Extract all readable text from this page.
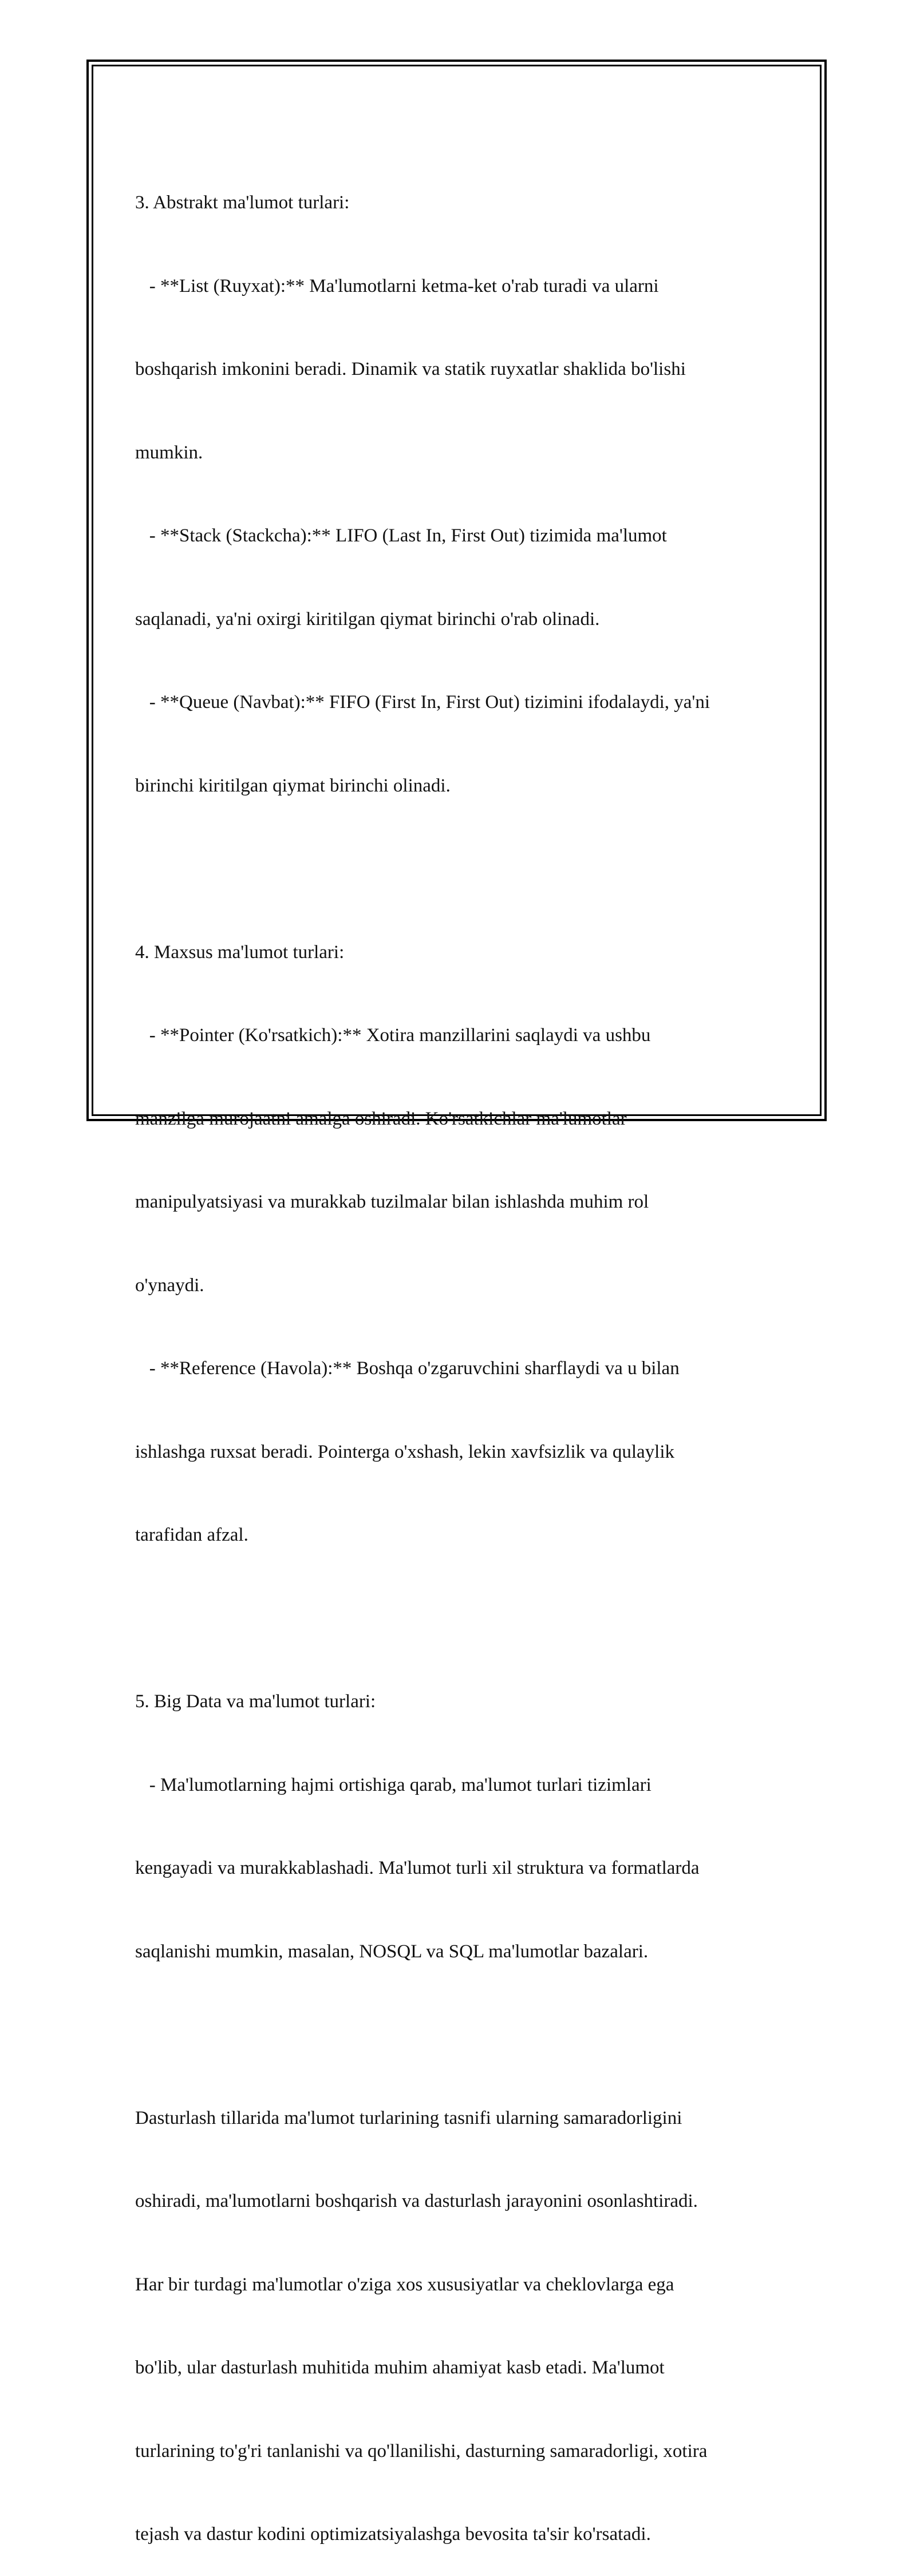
3. Abstrakt ma'lumot turlari:

- **List (Ruyxat):** Ma'lumotlarni ketma-ket o'rab turadi va ularni

boshqarish imkonini beradi. Dinamik va statik ruyxatlar shaklida bo'lishi

mumkin.

- **Stack (Stackcha):** LIFO (Last In, First Out) tizimida ma'lumot

saqlanadi, ya'ni oxirgi kiritilgan qiymat birinchi o'rab olinadi.

- **Queue (Navbat):** FIFO (First In, First Out) tizimini ifodalaydi, ya'ni

birinchi kiritilgan qiymat birinchi olinadi.

4. Maxsus ma'lumot turlari:

- **Pointer (Ko'rsatkich):** Xotira manzillarini saqlaydi va ushbu

manzilga murojaatni amalga oshiradi. Ko'rsatkichlar ma'lumotlar

manipulyatsiyasi va murakkab tuzilmalar bilan ishlashda muhim rol

o'ynaydi.

- **Reference (Havola):** Boshqa o'zgaruvchini sharflaydi va u bilan

ishlashga ruxsat beradi. Pointerga o'xshash, lekin xavfsizlik va qulaylik

tarafidan afzal.

5. Big Data va ma'lumot turlari:

- Ma'lumotlarning hajmi ortishiga qarab, ma'lumot turlari tizimlari

kengayadi va murakkablashadi. Ma'lumot turli xil struktura va formatlarda

saqlanishi mumkin, masalan, NOSQL va SQL ma'lumotlar bazalari.

Dasturlash tillarida ma'lumot turlarining tasnifi ularning samaradorligini

oshiradi, ma'lumotlarni boshqarish va dasturlash jarayonini osonlashtiradi.

Har bir turdagi ma'lumotlar o'ziga xos xususiyatlar va cheklovlarga ega

bo'lib, ular dasturlash muhitida muhim ahamiyat kasb etadi. Ma'lumot

turlarining to'g'ri tanlanishi va qo'llanilishi, dasturning samaradorligi, xotira

tejash va dastur kodini optimizatsiyalashga bevosita ta'sir ko'rsatadi.
